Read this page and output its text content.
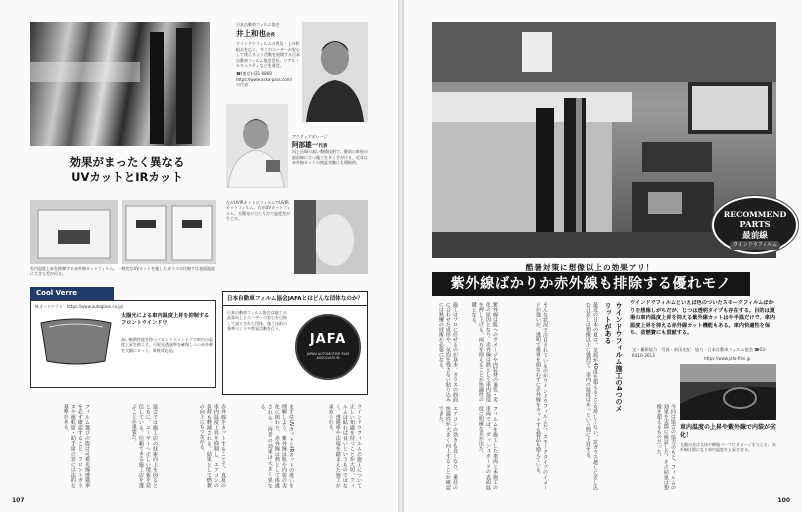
日本自動車フィルム協会
井上和也会長
ウインドウフィルムの普及・上の枠組みを広く、多くのユーザーが安心して使えるよう活動を展開する日本自動車フィルム協会会長。リアル・セキュリティなどを運営。
☎(東京)-(21-0868
https://www.aska-pass.com/
の代表
アクティブガレージ
阿部雄一代表
再上出場の高い整備技術で、静岡の車屋の最前線に立つ施工を多く手がける。近年は赤外線カットの検証実験にも積極的。
効果がまったく異なる
UVカットとIRカット
室内温度上昇を抑制する赤外線カットフィルム。一般的なUVカットを施したガラスの比較では表面温度に大きな差が出る。
左がUVIRカットのフィルムでUVIRカットフィルム。右がUVカットフィルム。太陽光の当たり方で温度差が生じる。
Cool Verre
株オートクラス　 https://www.autoglass.co.jp/
太陽光による車内温度上昇を抑制するフロントウインドウ
高い断熱性能を持つフロントウインドウで車内の温度上昇を抑える。可視光透過率を確保しつつ赤外線を大幅にカット。車検対応品。
日本自動車フィルム協会JAFAとはどんな団体なのか？
日本自動車フィルム協会は施工の品質向上とユーザーの安心を目指して設立された団体。施工技術の基準づくりや啓発活動を行う。
JAFA
JAPAN AUTOMOTIVE FILM ASSOCIATION
ウインドウフィルムの施工について正しい知識を持つことが大切。フィルムは貼れば良いというものではなく、透過率や法規を踏まえた施工が求められる。
まずはUVカットとIRカットの違いを理解しよう。紫外線は肌や内装の劣化に関わり、赤外線は熱として体感される。両者の効果は大きく異なる。
赤外線をカットすることで、真夏の車内温度上昇を抑制し、エアコンの負荷も軽減される。結果として燃費の向上にもつながる。
協会では施工店の技術向上を図るとともに、ユーザーへ正しい情報を発信している。信頼できる施工店を選ぶことが重要だ。
フィルム選びの際は可視光線透過率を必ず確認すること。フロントガラスや運転席・助手席の窓には法的な基準がある。
107
RECOMMEND
PARTS
最前線
ウインドウフィルム
酷暑対策に想像以上の効果アリ！
紫外線ばかりか赤外線も排除する優れモノ
ウインドウフィルムといえば色のついたスモークフィルムばかりを想像しがちだが、じつは透明タイプも存在する。目的は夏場の車内温度上昇を抑える紫外線カットはや半温だけで、車内温度上昇を抑える赤外線カット機能もある。車内快適性を保ち、省燃費にも貢献する。
文・撮影協力　写真・前田光紀　協力・日本自動車フィルム協会 ☎03-6410-3613
https://www.jafa-film.jp
車内温度の上昇や紫外線で内装が劣化！
太陽の光は人体や樹脂パーツにダメージを与える。赤外線は熱になり車内温度を上昇させる。
ウインドウフィルム施工の4つのメリットがある
最近の日本の夏は、気温が40度を超えることも珍しくない。窓ガラス越しに差し込む日差しは想像以上に強烈で、車内の温度はあっという間に上昇する。
そんな状況で注目されているのがウインドウフィルムだ。スモークタイプのイメージが強いが、透明で視界を損なわずに赤外線をカットする製品も増えている。
紫外線は肌へのダメージや内装材の退色・劣化の原因となり、赤外線は熱として車内温度を押し上げる。両方を抑えることが快適性の鍵となる。
施工はプロに任せるのが基本。ガラスの曲面に合わせた成形や、気泡を残さない貼り込みには熟練の技術が必要になる。
今回は協会の協力のもと、フィルムの効果を実際に検証した。その結果は想像を超えるものだった。
フィルムを施工した車両と未施工の車両では、ダッシュボードの表面温度に明確な差が出た。
エアコンの効きも良くなり、乗員の快適性が大きく向上することが確認できた。
100
